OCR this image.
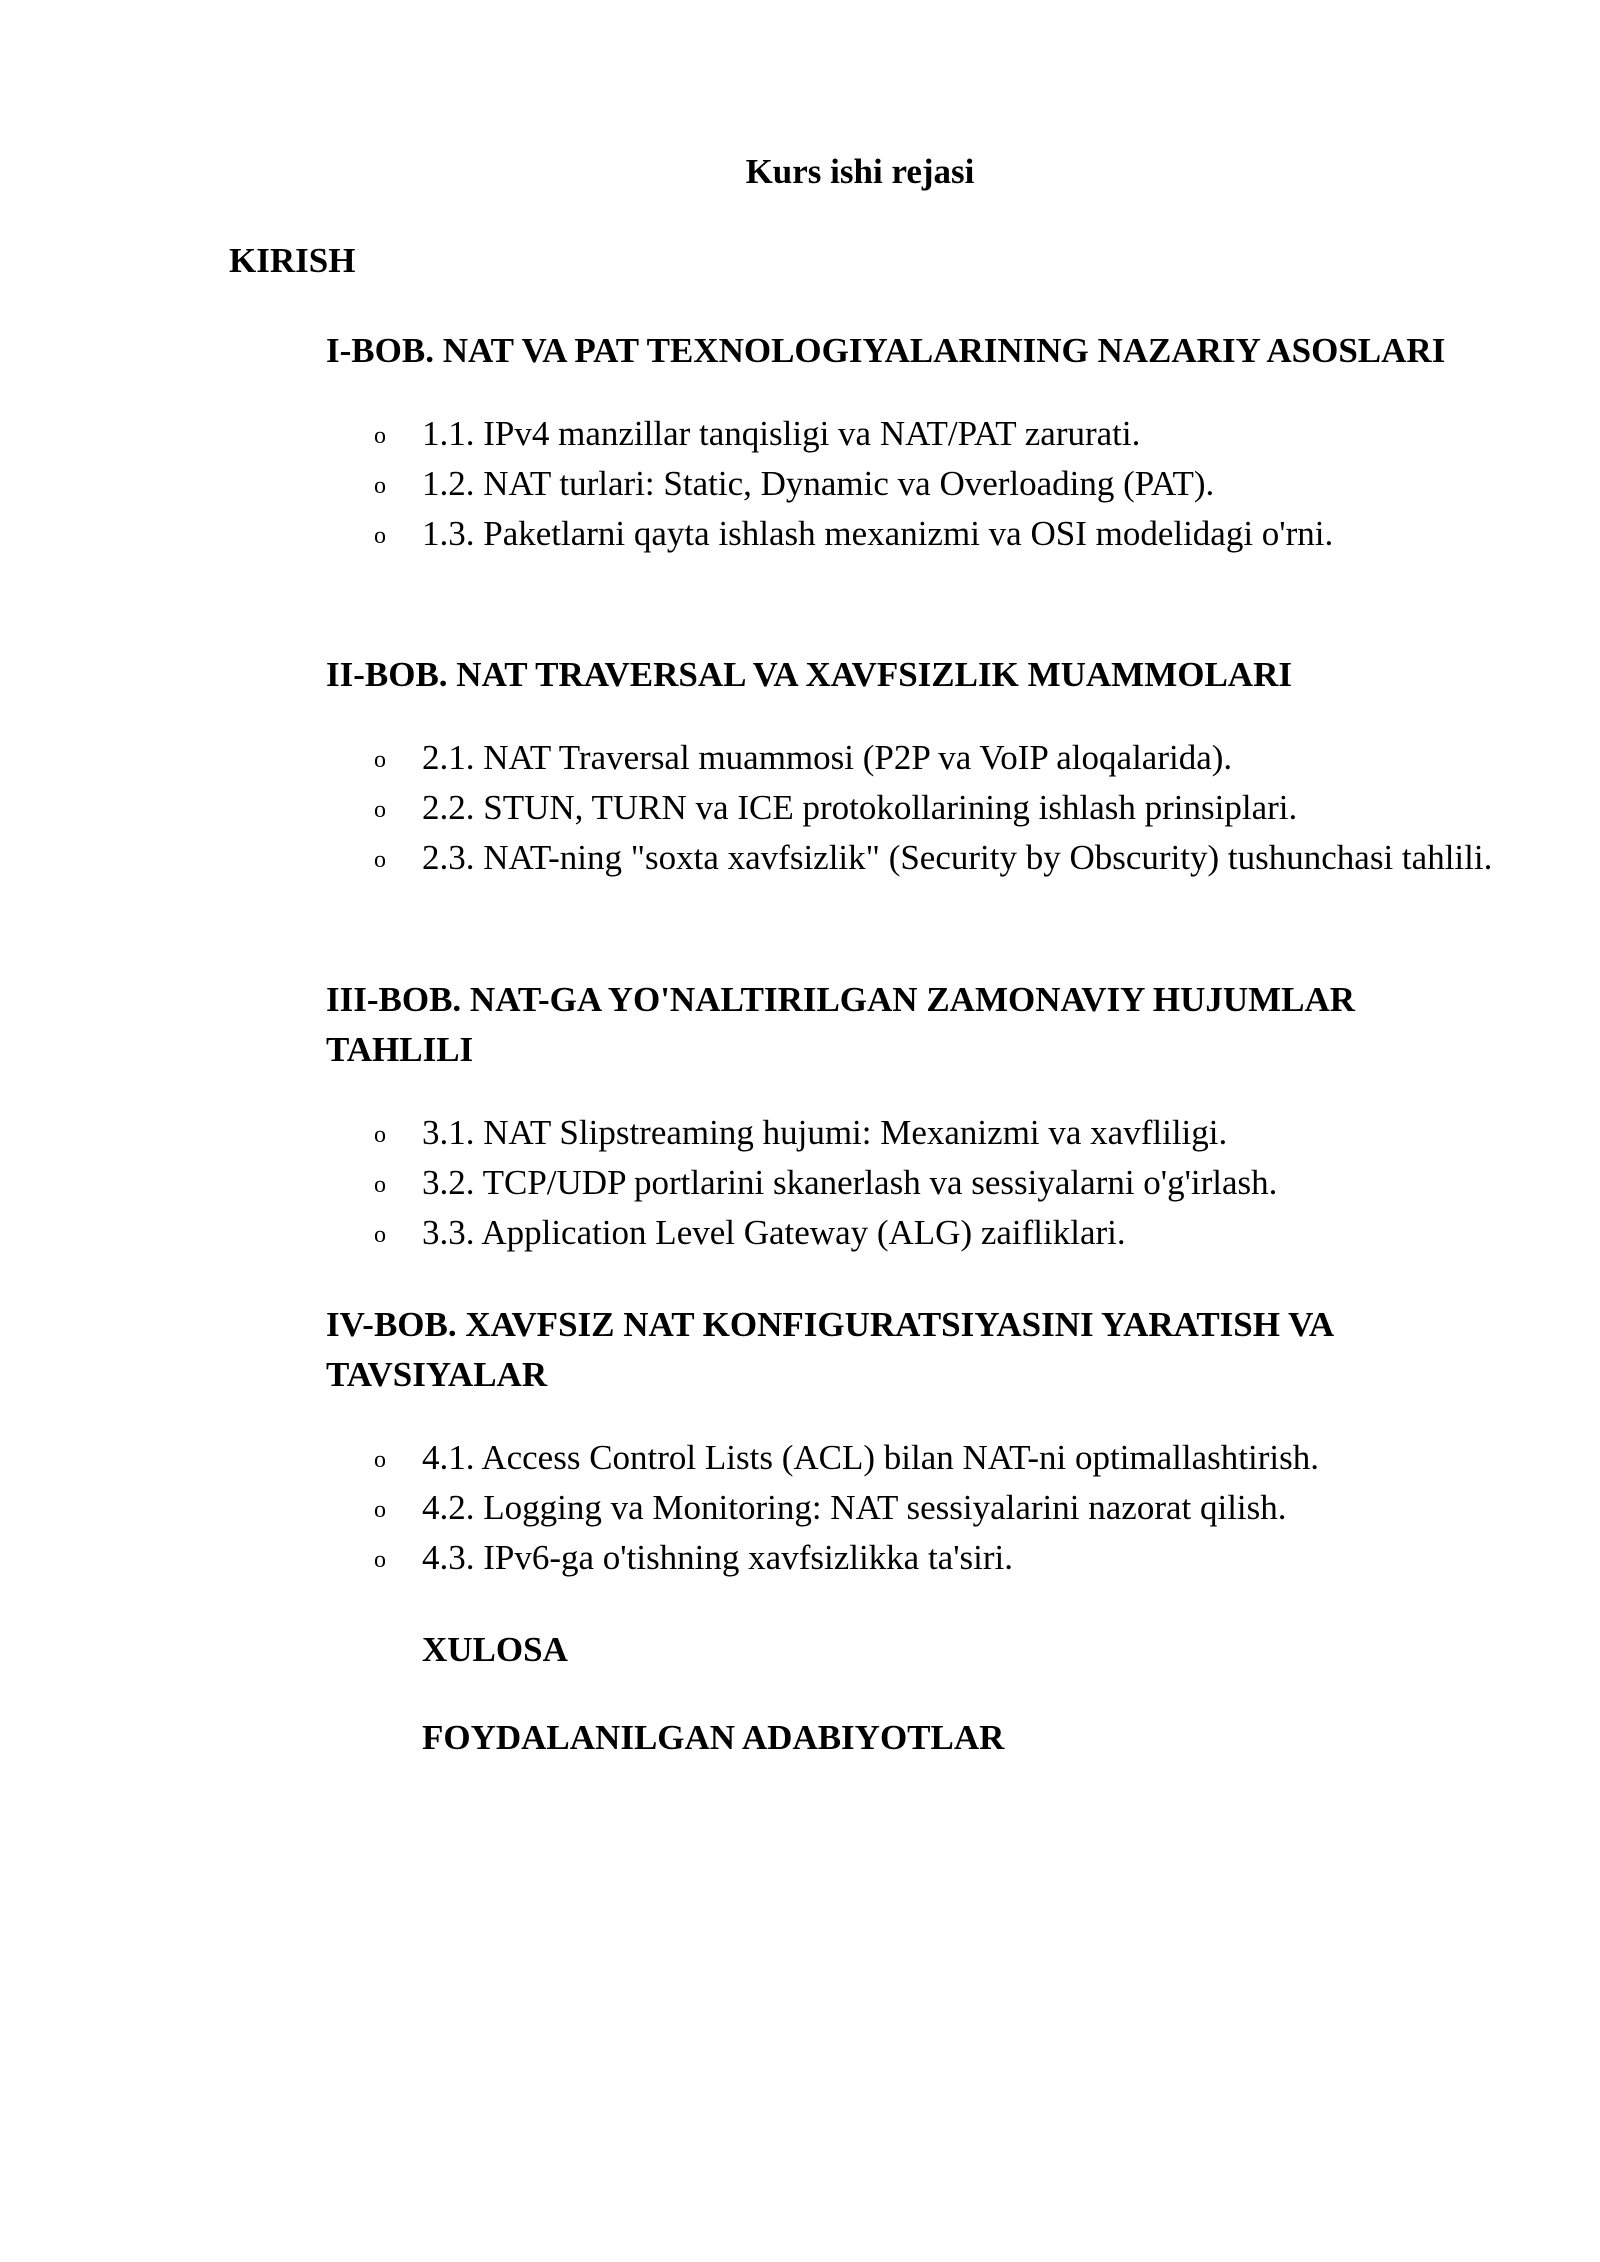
Kurs ishi rejasi
KIRISH
I-BOB. NAT VA PAT TEXNOLOGIYALARINING NAZARIY ASOSLARI
o 1.1. IPv4 manzillar tanqisligi va NAT/PAT zarurati.
o 1.2. NAT turlari: Static, Dynamic va Overloading (PAT).
o 1.3. Paketlarni qayta ishlash mexanizmi va OSI modelidagi o'rni.
II-BOB. NAT TRAVERSAL VA XAVFSIZLIK MUAMMOLARI
o 2.1. NAT Traversal muammosi (P2P va VoIP aloqalarida).
o 2.2. STUN, TURN va ICE protokollarining ishlash prinsiplari.
o 2.3. NAT-ning "soxta xavfsizlik" (Security by Obscurity) tushunchasi tahlili.
III-BOB. NAT-GA YO'NALTIRILGAN ZAMONAVIY HUJUMLAR TAHLILI
o 3.1. NAT Slipstreaming hujumi: Mexanizmi va xavfliligi.
o 3.2. TCP/UDP portlarini skanerlash va sessiyalarni o'g'irlash.
o 3.3. Application Level Gateway (ALG) zaifliklari.
IV-BOB. XAVFSIZ NAT KONFIGURATSIYASINI YARATISH VA TAVSIYALAR
o 4.1. Access Control Lists (ACL) bilan NAT-ni optimallashtirish.
o 4.2. Logging va Monitoring: NAT sessiyalarini nazorat qilish.
o 4.3. IPv6-ga o'tishning xavfsizlikka ta'siri.
XULOSA
FOYDALANILGAN ADABIYOTLAR
